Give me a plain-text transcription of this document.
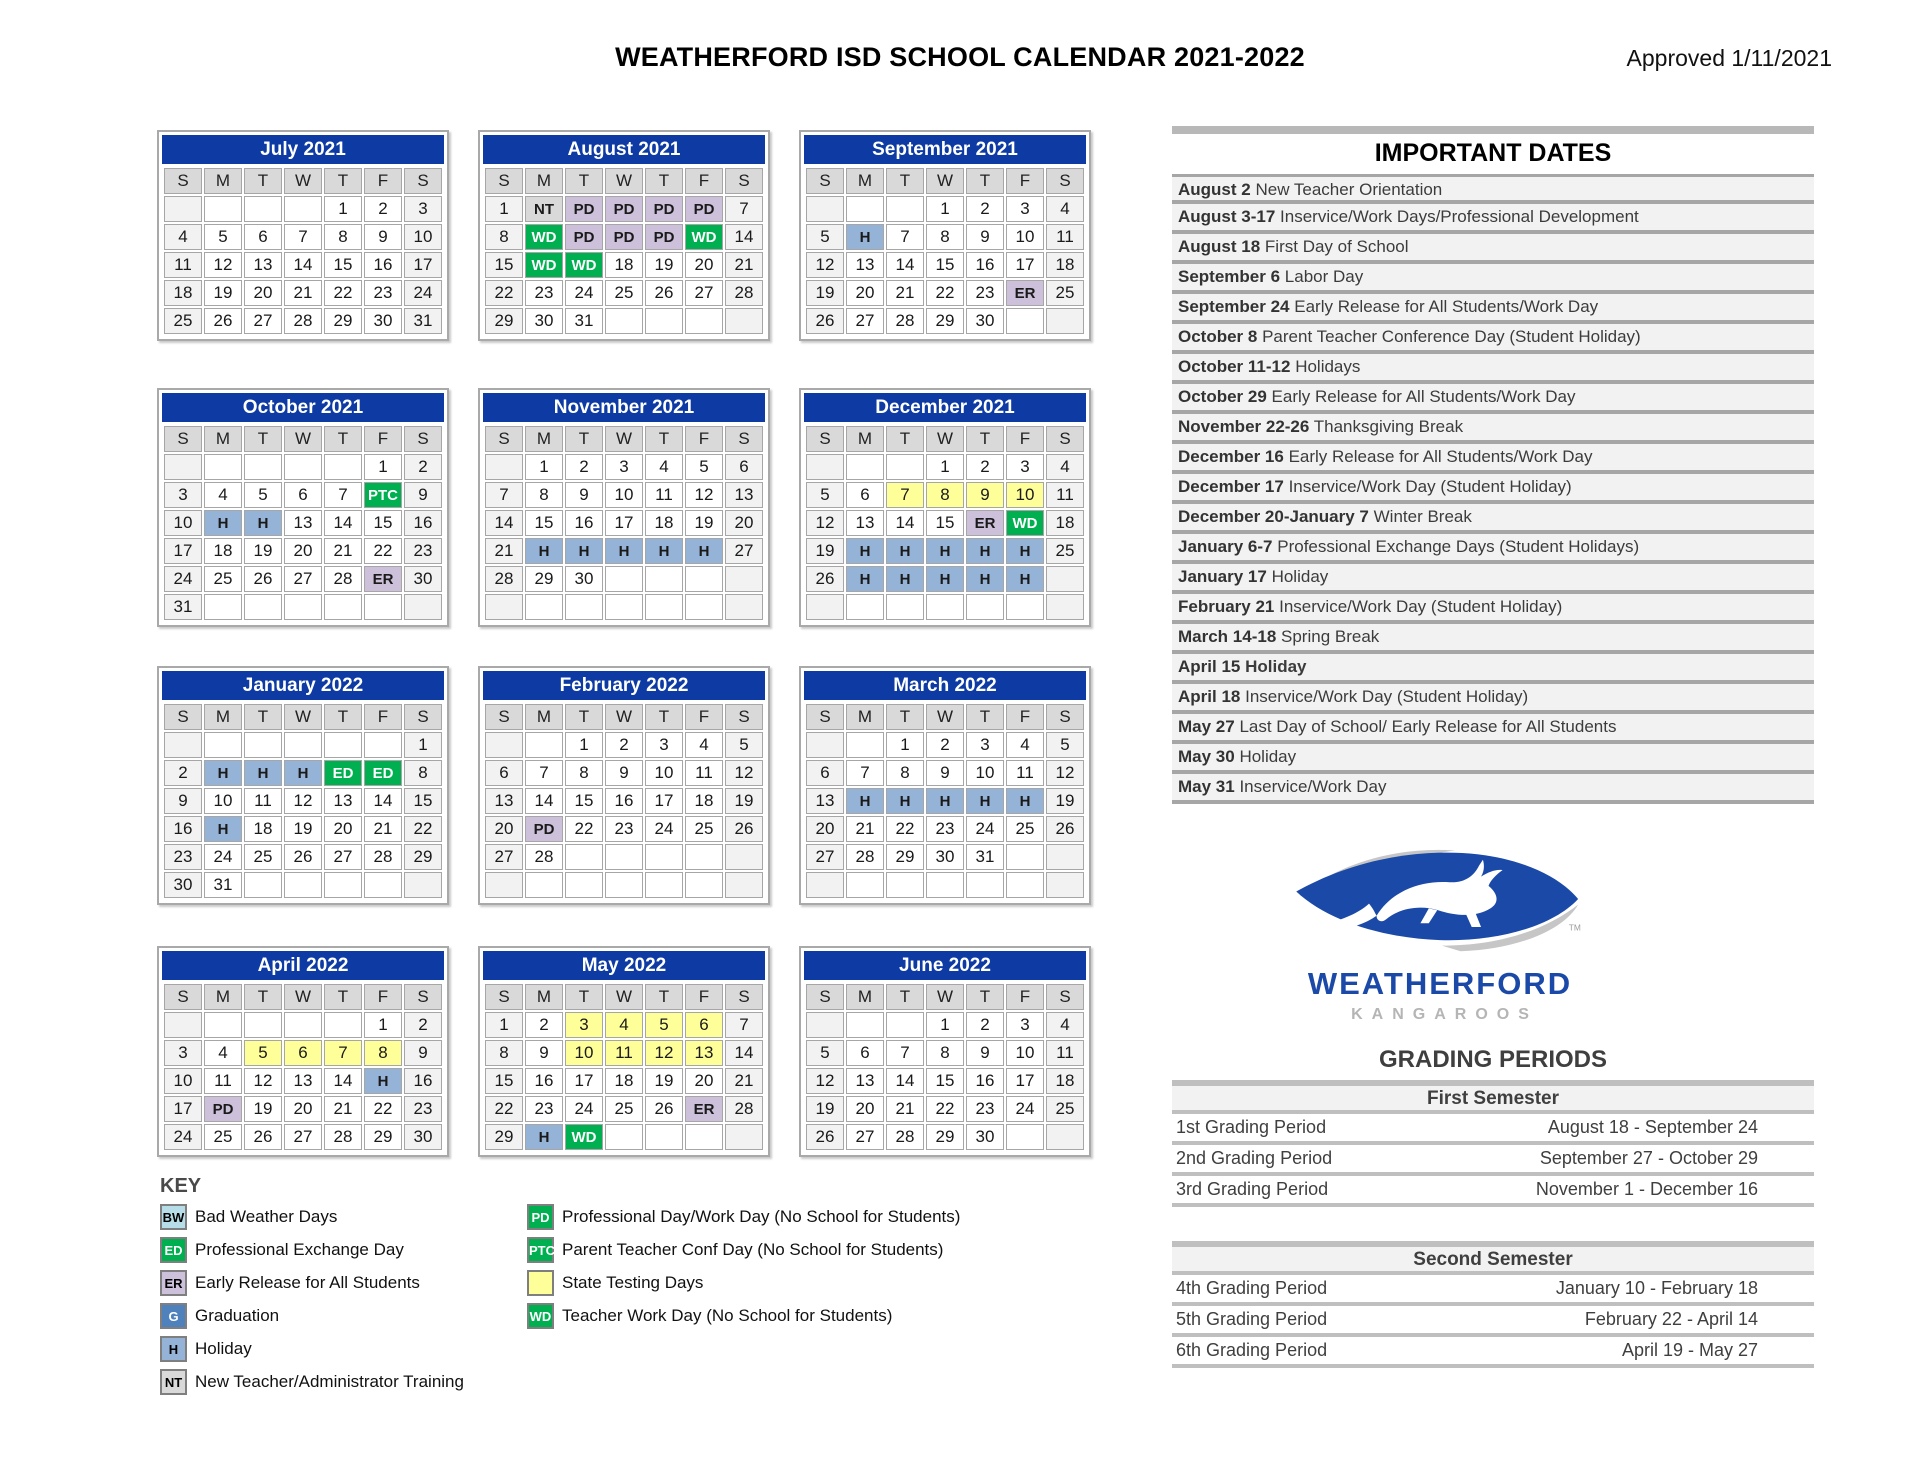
WEATHERFORD ISD SCHOOL CALENDAR 2021-2022	Approved 1/11/2021
July 2021
S	M	T	W	T	F	S
				1	2	3
4	5	6	7	8	9	10
11	12	13	14	15	16	17
18	19	20	21	22	23	24
25	26	27	28	29	30	31
August 2021
S	M	T	W	T	F	S
1	NT	PD	PD	PD	PD	7
8	WD	PD	PD	PD	WD	14
15	WD	WD	18	19	20	21
22	23	24	25	26	27	28
29	30	31				
September 2021
S	M	T	W	T	F	S
			1	2	3	4
5	H	7	8	9	10	11
12	13	14	15	16	17	18
19	20	21	22	23	ER	25
26	27	28	29	30		
October 2021
S	M	T	W	T	F	S
					1	2
3	4	5	6	7	PTC	9
10	H	H	13	14	15	16
17	18	19	20	21	22	23
24	25	26	27	28	ER	30
31						
November 2021
S	M	T	W	T	F	S
	1	2	3	4	5	6
7	8	9	10	11	12	13
14	15	16	17	18	19	20
21	H	H	H	H	H	27
28	29	30				

December 2021
S	M	T	W	T	F	S
			1	2	3	4
5	6	7	8	9	10	11
12	13	14	15	ER	WD	18
19	H	H	H	H	H	25
26	H	H	H	H	H	

January 2022
S	M	T	W	T	F	S
						1
2	H	H	H	ED	ED	8
9	10	11	12	13	14	15
16	H	18	19	20	21	22
23	24	25	26	27	28	29
30	31					
February 2022
S	M	T	W	T	F	S
		1	2	3	4	5
6	7	8	9	10	11	12
13	14	15	16	17	18	19
20	PD	22	23	24	25	26
27	28					

March 2022
S	M	T	W	T	F	S
		1	2	3	4	5
6	7	8	9	10	11	12
13	H	H	H	H	H	19
20	21	22	23	24	25	26
27	28	29	30	31		

April 2022
S	M	T	W	T	F	S
					1	2
3	4	5	6	7	8	9
10	11	12	13	14	H	16
17	PD	19	20	21	22	23
24	25	26	27	28	29	30
May 2022
S	M	T	W	T	F	S
1	2	3	4	5	6	7
8	9	10	11	12	13	14
15	16	17	18	19	20	21
22	23	24	25	26	ER	28
29	H	WD				
June 2022
S	M	T	W	T	F	S
			1	2	3	4
5	6	7	8	9	10	11
12	13	14	15	16	17	18
19	20	21	22	23	24	25
26	27	28	29	30		
IMPORTANT DATES
August 2 New Teacher Orientation
August 3-17 Inservice/Work Days/Professional Development
August 18 First Day of School
September 6 Labor Day
September 24 Early Release for All Students/Work Day
October 8 Parent Teacher Conference Day (Student Holiday)
October 11-12 Holidays
October 29 Early Release for All Students/Work Day
November 22-26 Thanksgiving Break
December 16 Early Release for All Students/Work Day
December 17 Inservice/Work Day (Student Holiday)
December 20-January 7 Winter Break
January 6-7 Professional Exchange Days (Student Holidays)
January 17 Holiday
February 21 Inservice/Work Day (Student Holiday)
March 14-18 Spring Break
April 15 Holiday
April 18 Inservice/Work Day (Student Holiday)
May 27 Last Day of School/ Early Release for All Students
May 30 Holiday
May 31 Inservice/Work Day
TM
WEATHERFORD
KANGAROOS
GRADING PERIODS
First Semester
1st Grading Period	August 18 - September 24
2nd Grading Period	September 27 - October 29
3rd Grading Period	November 1 - December 16
Second Semester
4th Grading Period	January 10 - February 18
5th Grading Period	February 22 - April 14
6th Grading Period	April 19 - May 27
KEY
BW Bad Weather Days
ED Professional Exchange Day
ER Early Release for All Students
G Graduation
H Holiday
NT New Teacher/Administrator Training
PD Professional Day/Work Day (No School for Students)
PTC Parent Teacher Conf Day (No School for Students)
State Testing Days
WD Teacher Work Day (No School for Students)
